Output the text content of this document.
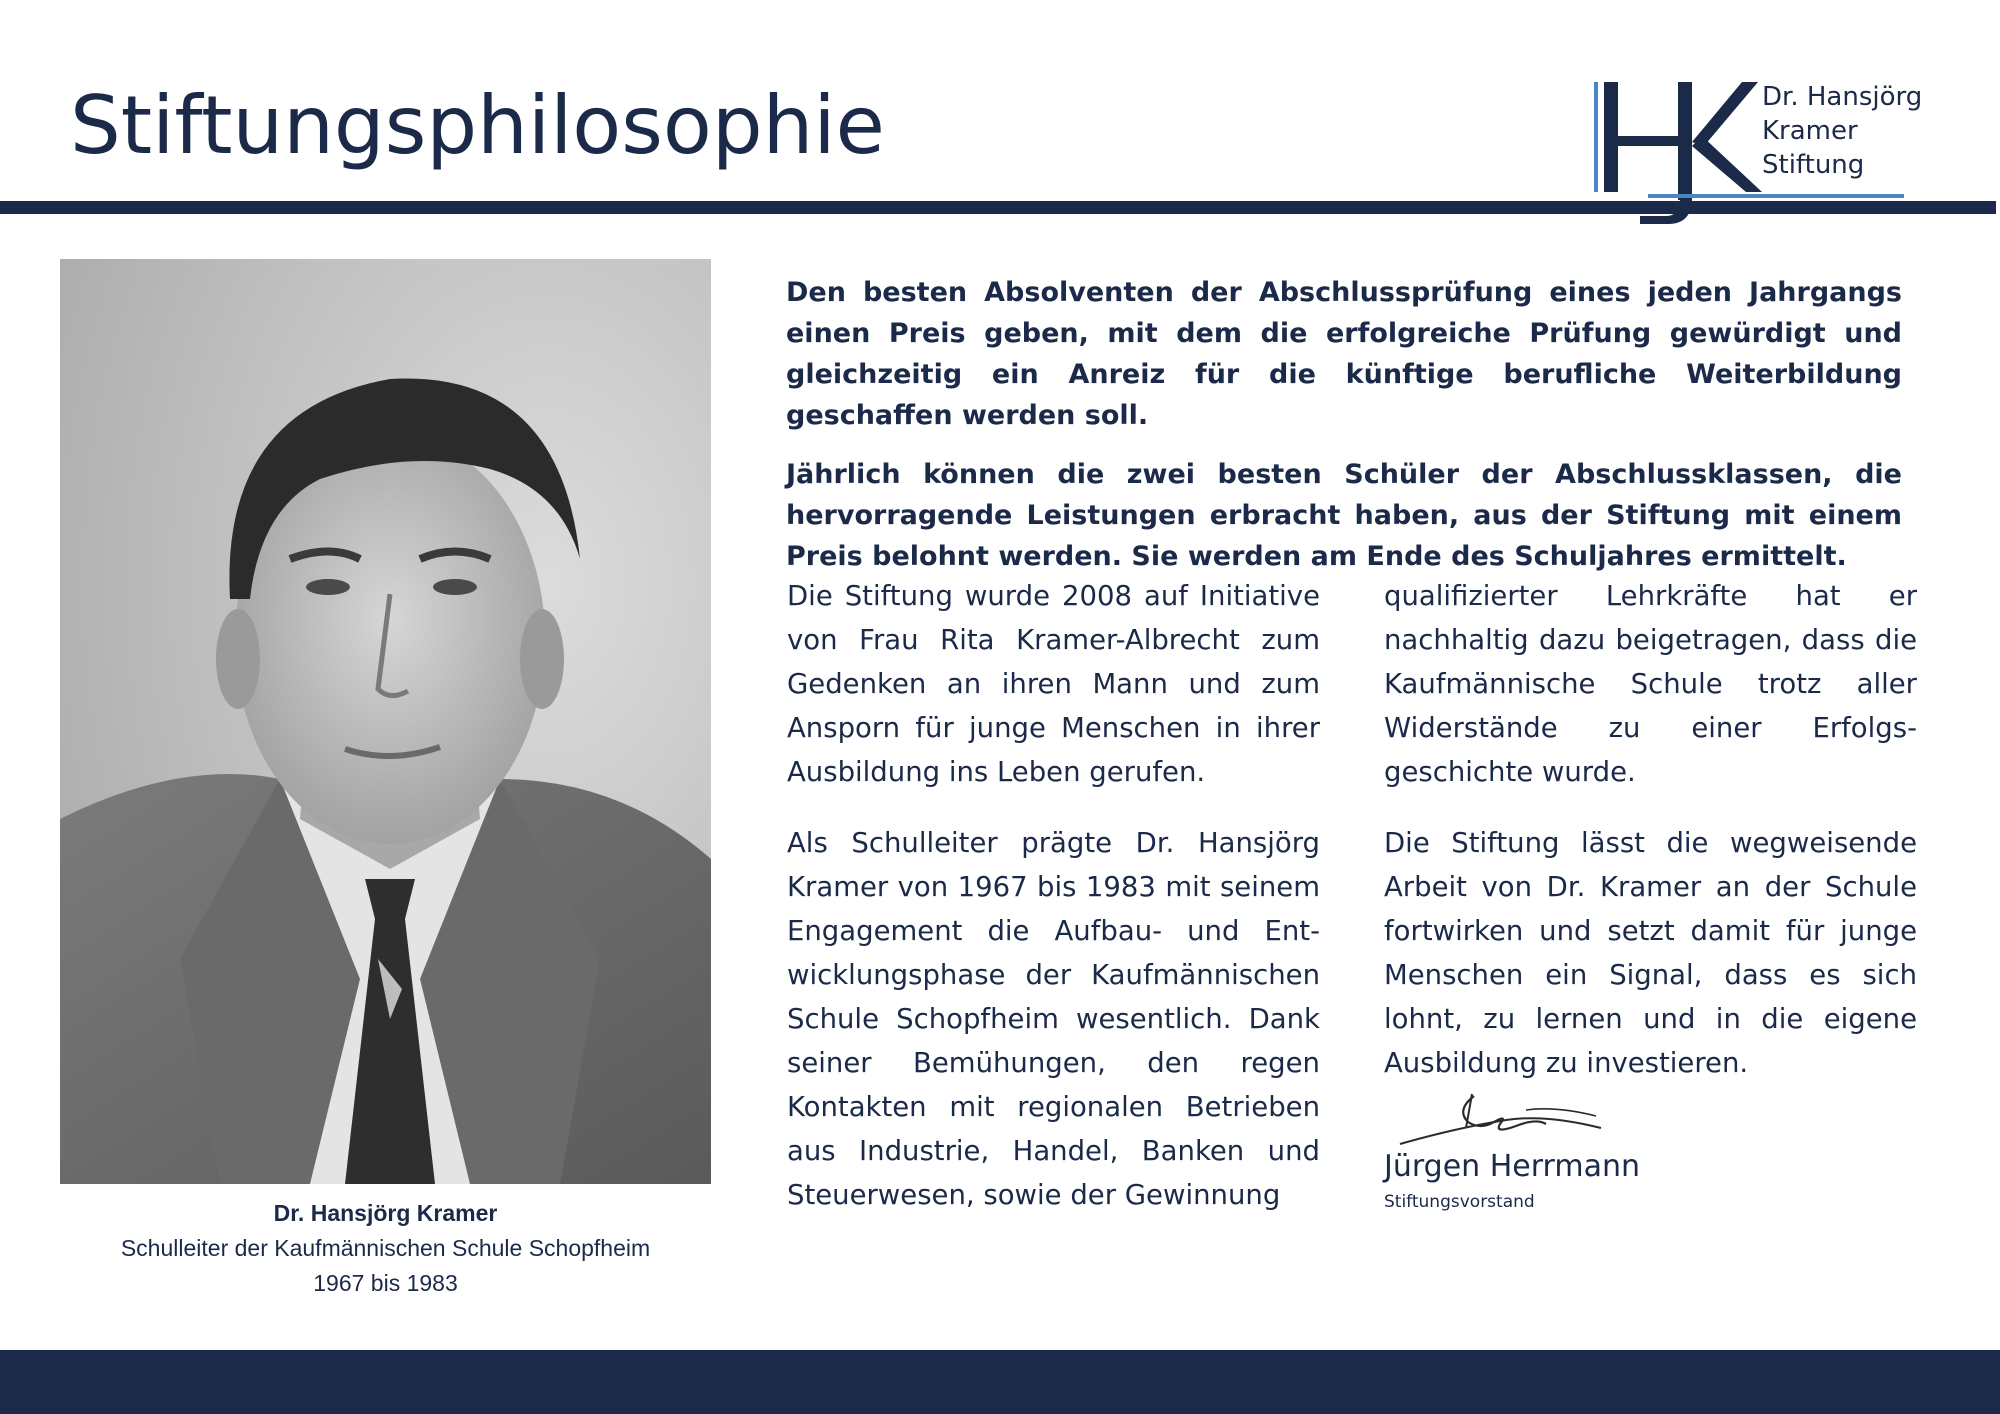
Stiftungsphilosophie	Dr. Hansjörg
Kramer
Stiftung
Dr. Hansjörg Kramer
Schulleiter der Kaufmännischen Schule Schopfheim
1967 bis 1983

Den besten Absolventen der Abschlussprüfung eines jeden Jahrgangs einen Preis geben, mit dem die erfolgreiche Prüfung gewürdigt und gleichzeitig ein Anreiz für die künftige berufliche Weiterbildung geschaffen werden soll.

Jährlich können die zwei besten Schüler der Abschlussklassen, die hervorragende Leistungen erbracht haben, aus der Stiftung mit einem Preis belohnt werden. Sie werden am Ende des Schuljahres ermittelt.

Die Stiftung wurde 2008 auf Initiative von Frau Rita Kramer-Albrecht zum Gedenken an ihren Mann und zum Ansporn für junge Menschen in ihrer Ausbildung ins Leben gerufen.

Als Schulleiter prägte Dr. Hansjörg Kramer von 1967 bis 1983 mit seinem Engagement die Aufbau- und Entwicklungsphase der Kaufmännischen Schule Schopfheim wesentlich. Dank seiner Bemühungen, den regen Kontakten mit regionalen Betrieben aus Industrie, Handel, Banken und Steuerwesen, sowie der Gewinnung

qualifizierter Lehrkräfte hat er nachhaltig dazu beigetragen, dass die Kaufmännische Schule trotz aller Widerstände zu einer Erfolgsgeschichte wurde.

Die Stiftung lässt die wegweisende Arbeit von Dr. Kramer an der Schule fortwirken und setzt damit für junge Menschen ein Signal, dass es sich lohnt, zu lernen und in die eigene Ausbildung zu investieren.

Jürgen Herrmann
Stiftungsvorstand
